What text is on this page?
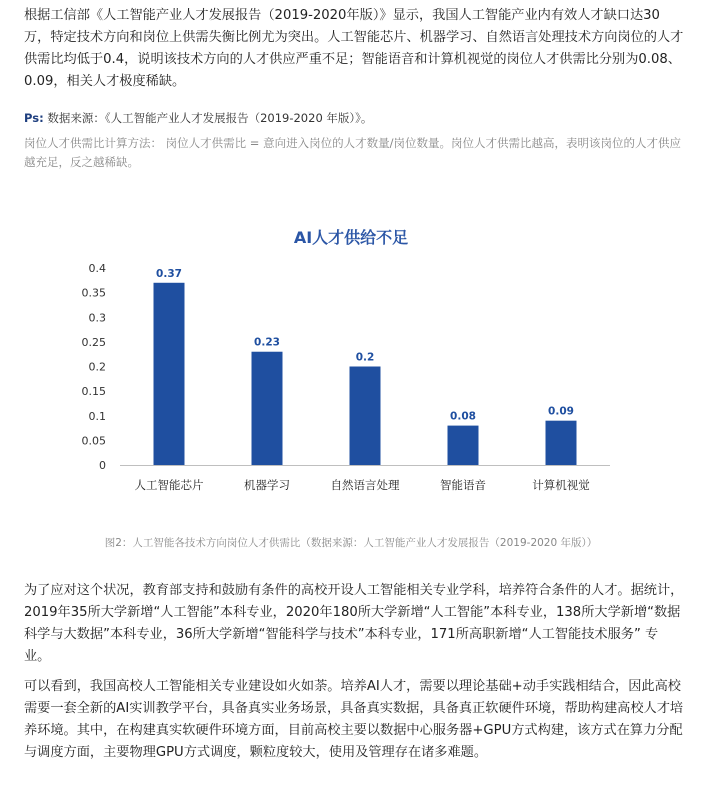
根据工信部《人工智能产业人才发展报告（2019-2020年版）》显示，我国人工智能产业内有效人才缺口达30万，特定技术方向和岗位上供需失衡比例尤为突出。人工智能芯片、机器学习、自然语言处理技术方向岗位的人才供需比均低于0.4，说明该技术方向的人才供应严重不足；智能语音和计算机视觉的岗位人才供需比分别为0.08、0.09，相关人才极度稀缺。

Ps: 数据来源：《人工智能产业人才发展报告（2019-2020 年版）》。

岗位人才供需比计算方法： 岗位人才供需比 = 意向进入岗位的人才数量/岗位数量。岗位人才供需比越高，表明该岗位的人才供应越充足，反之越稀缺。

AI人才供给不足

0
0.05
0.1
0.15
0.2
0.25
0.3
0.35
0.4	0.37
人工智能芯片
0.23
机器学习
0.2
自然语言处理
0.08
智能语音
0.09
计算机视觉

图2：人工智能各技术方向岗位人才供需比（数据来源：人工智能产业人才发展报告（2019-2020 年版））

为了应对这个状况，教育部支持和鼓励有条件的高校开设人工智能相关专业学科，培养符合条件的人才。据统计，2019年35所大学新增“人工智能”本科专业，2020年180所大学新增“人工智能”本科专业，138所大学新增“数据科学与大数据”本科专业，36所大学新增“智能科学与技术”本科专业，171所高职新增“人工智能技术服务” 专业。

可以看到，我国高校人工智能相关专业建设如火如荼。培养AI人才，需要以理论基础+动手实践相结合，因此高校需要一套全新的AI实训教学平台，具备真实业务场景，具备真实数据，具备真正软硬件环境，帮助构建高校人才培养环境。其中，在构建真实软硬件环境方面，目前高校主要以数据中心服务器+GPU方式构建，该方式在算力分配与调度方面，主要物理GPU方式调度，颗粒度较大，使用及管理存在诸多难题。
